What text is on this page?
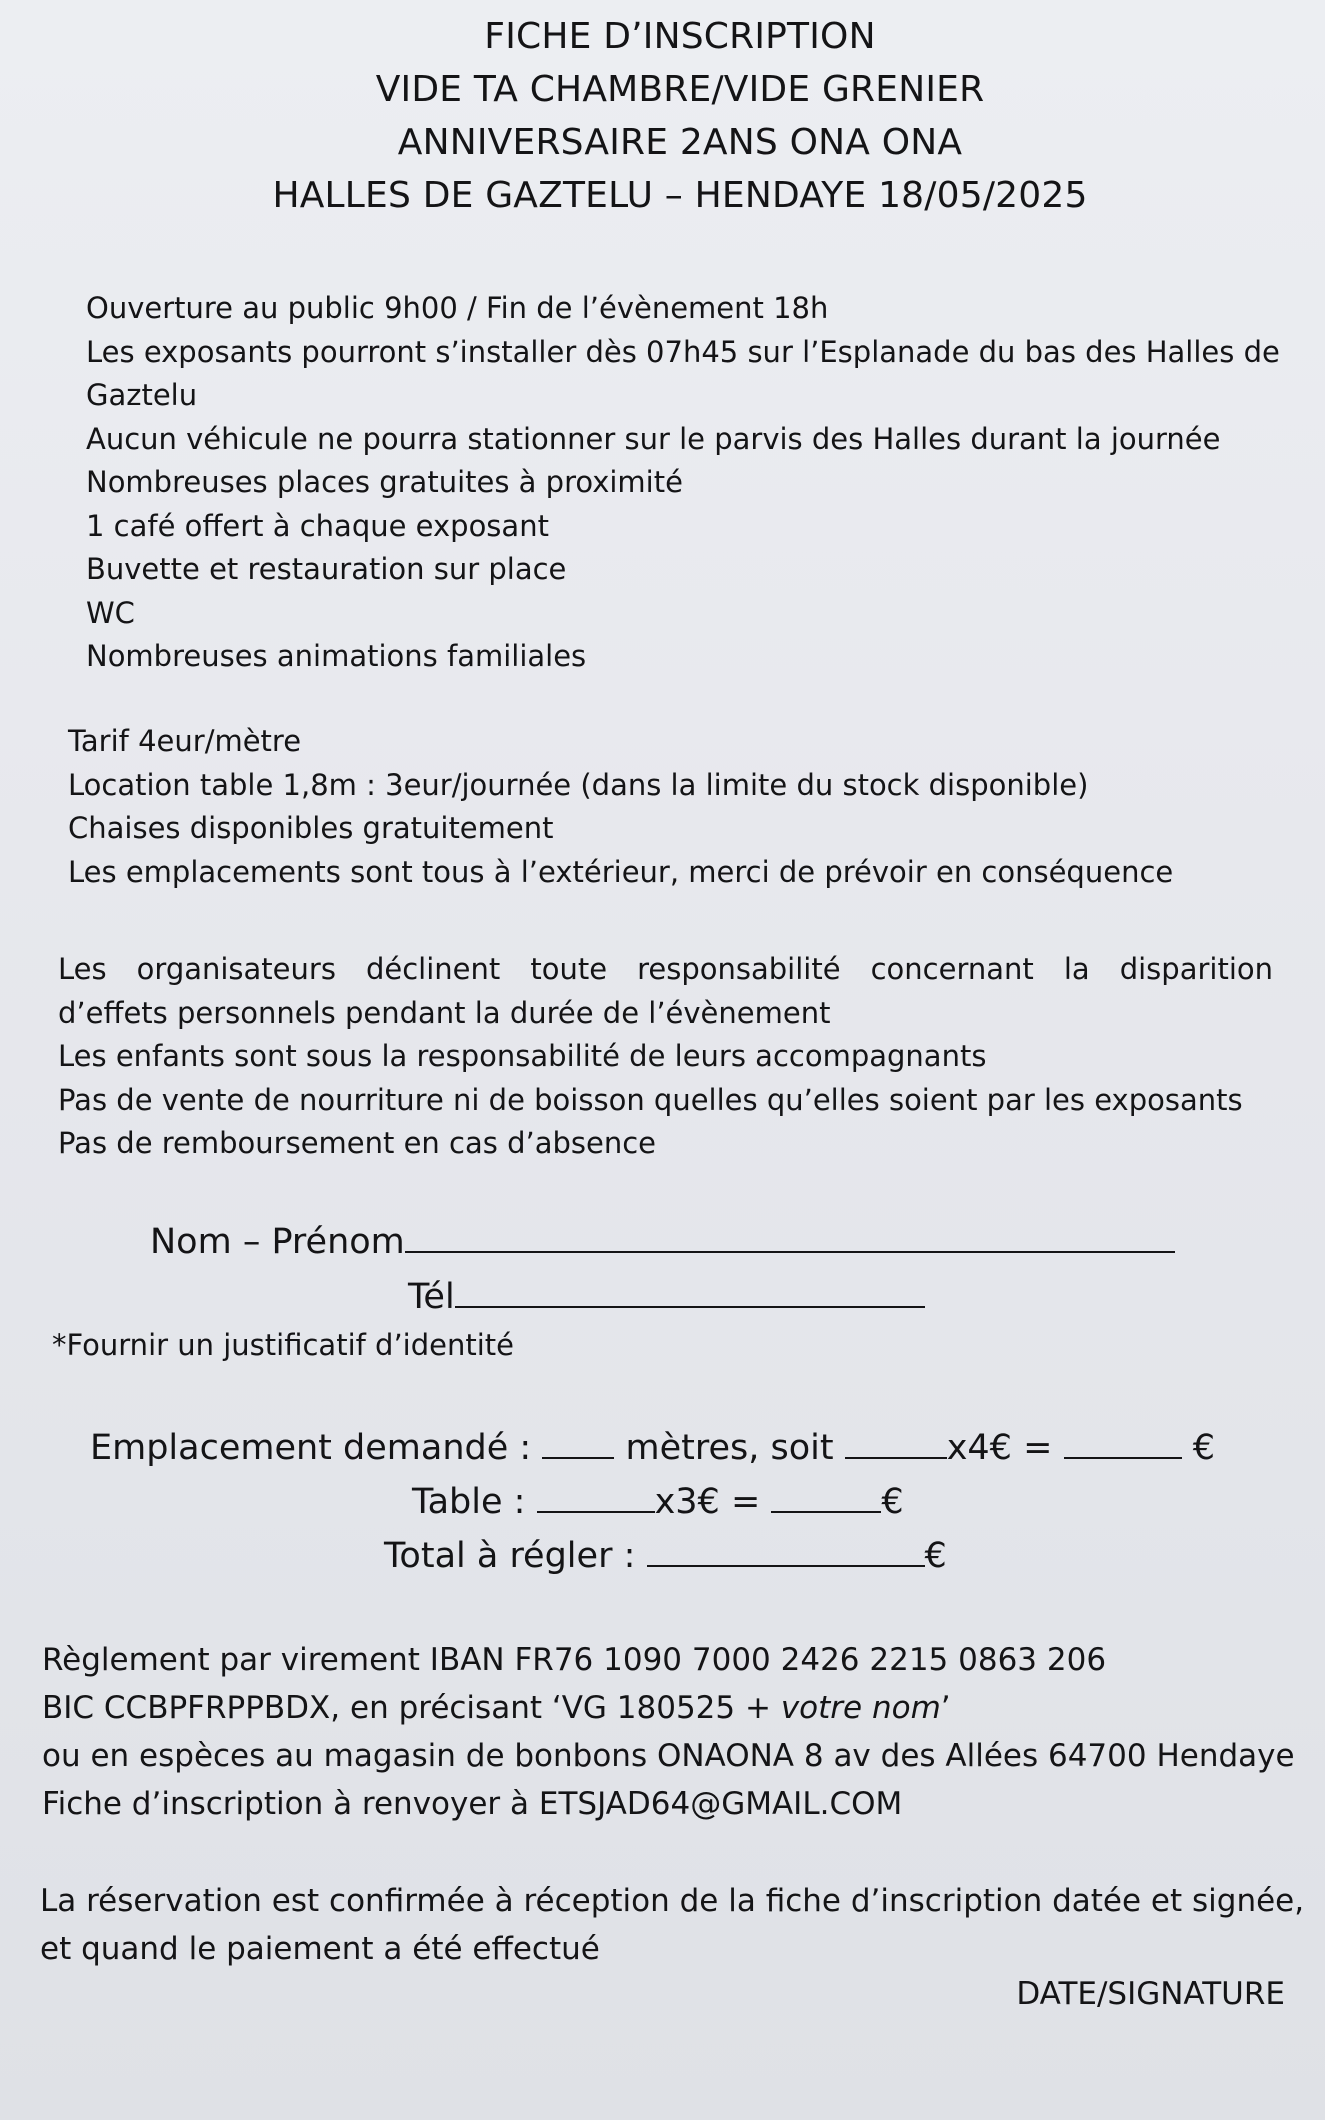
FICHE D’INSCRIPTION
VIDE TA CHAMBRE/VIDE GRENIER
ANNIVERSAIRE 2ANS ONA ONA
HALLES DE GAZTELU – HENDAYE 18/05/2025
Ouverture au public 9h00 / Fin de l’évènement 18h
Les exposants pourront s’installer dès 07h45 sur l’Esplanade du bas des Halles de
Gaztelu
Aucun véhicule ne pourra stationner sur le parvis des Halles durant la journée
Nombreuses places gratuites à proximité
1 café offert à chaque exposant
Buvette et restauration sur place
WC
Nombreuses animations familiales
Tarif 4eur/mètre
Location table 1,8m : 3eur/journée (dans la limite du stock disponible)
Chaises disponibles gratuitement
Les emplacements sont tous à l’extérieur, merci de prévoir en conséquence
Les organisateurs déclinent toute responsabilité concernant la disparition
d’effets personnels pendant la durée de l’évènement
Les enfants sont sous la responsabilité de leurs accompagnants
Pas de vente de nourriture ni de boisson quelles qu’elles soient par les exposants
Pas de remboursement en cas d’absence
Nom – Prénom
Tél
*Fournir un justificatif d’identité
Emplacement demandé :	mètres, soit	x4€ =	€
Table :	x3€ =	€
Total à régler :	€
Règlement par virement IBAN FR76 1090 7000 2426 2215 0863 206
BIC CCBPFRPPBDX, en précisant ‘VG 180525 + votre nom’
ou en espèces au magasin de bonbons ONAONA 8 av des Allées 64700 Hendaye
Fiche d’inscription à renvoyer à ETSJAD64@GMAIL.COM
La réservation est confirmée à réception de la fiche d’inscription datée et signée,
et quand le paiement a été effectué
DATE/SIGNATURE
